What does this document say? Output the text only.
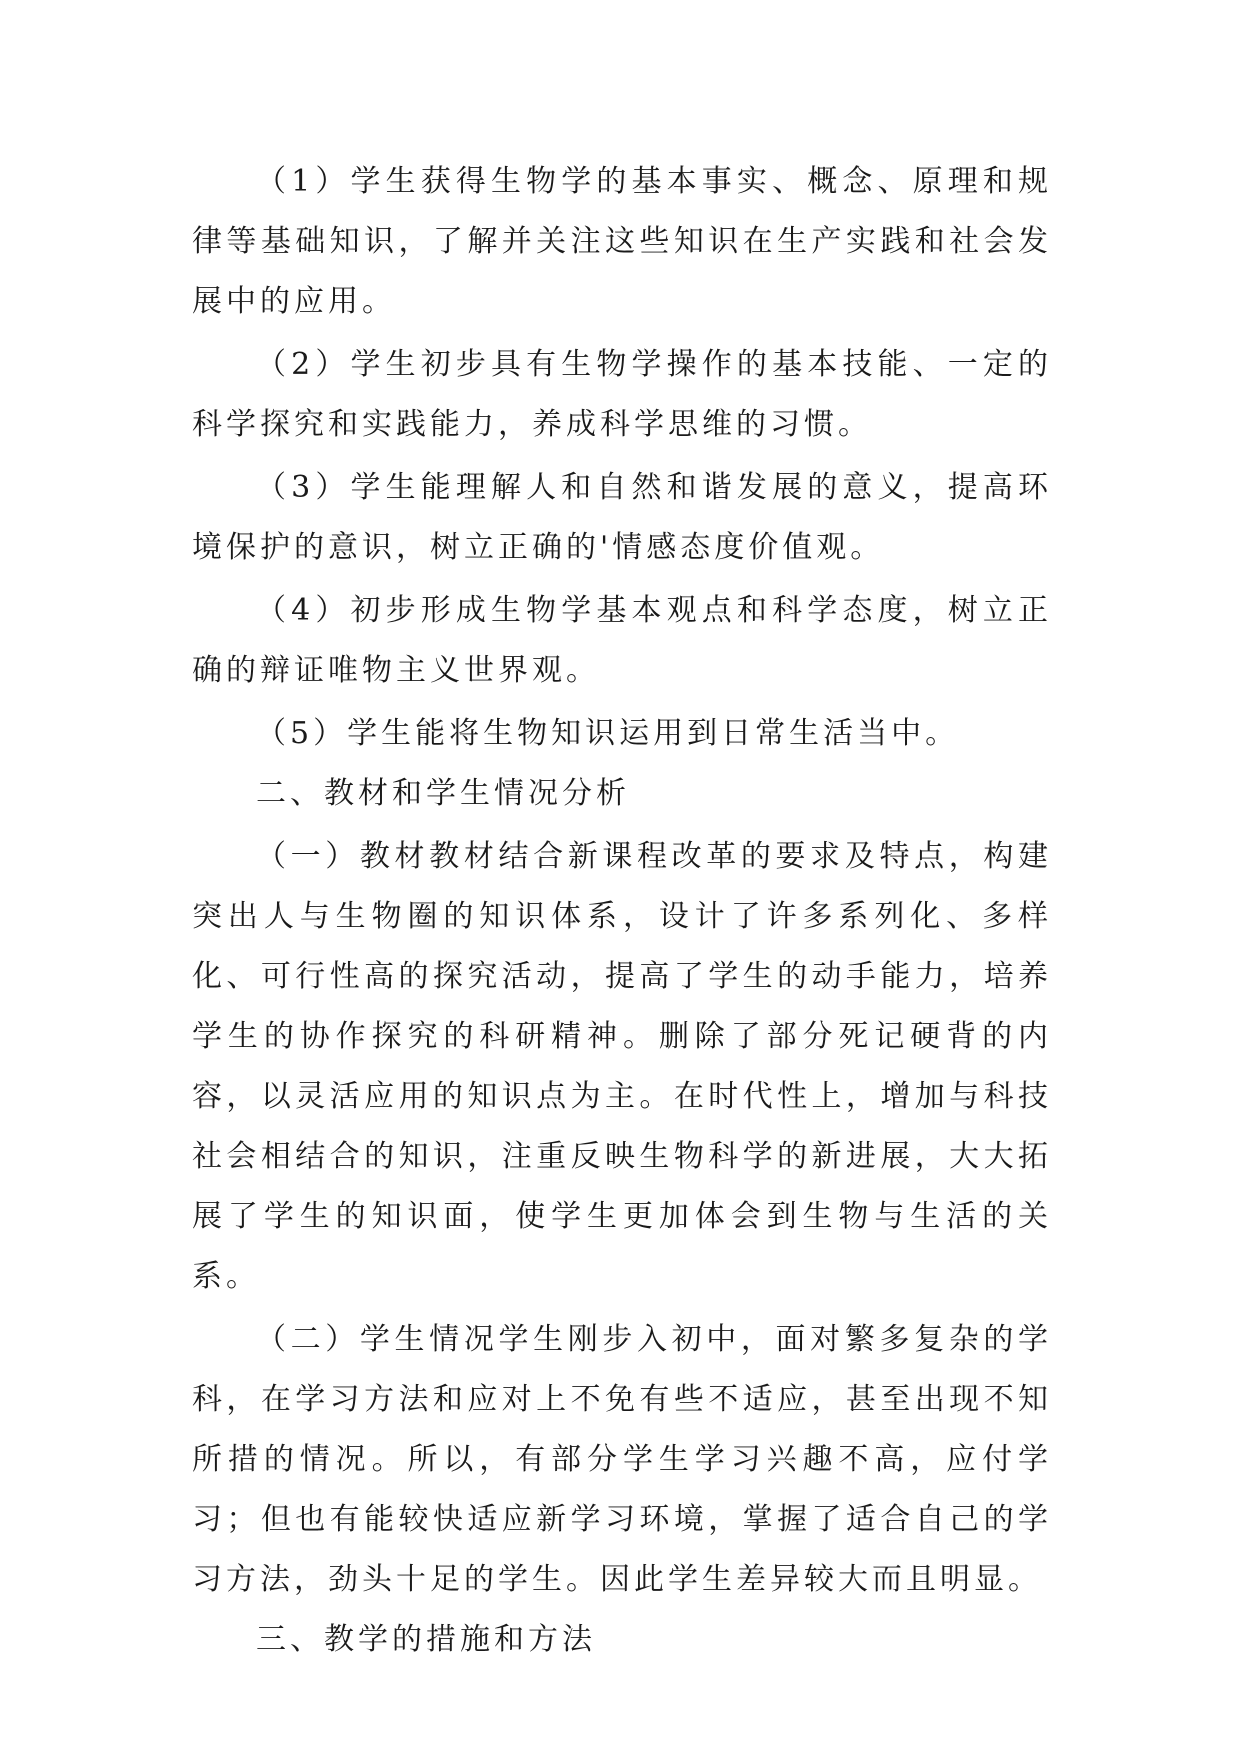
（1）学生获得生物学的基本事实、概念、原理和规律等基础知识，了解并关注这些知识在生产实践和社会发展中的应用。

（2）学生初步具有生物学操作的基本技能、一定的科学探究和实践能力，养成科学思维的习惯。

（3）学生能理解人和自然和谐发展的意义，提高环境保护的意识，树立正确的'情感态度价值观。

（4）初步形成生物学基本观点和科学态度，树立正确的辩证唯物主义世界观。

（5）学生能将生物知识运用到日常生活当中。

二、教材和学生情况分析

（一）教材教材结合新课程改革的要求及特点，构建突出人与生物圈的知识体系，设计了许多系列化、多样化、可行性高的探究活动，提高了学生的动手能力，培养学生的协作探究的科研精神。删除了部分死记硬背的内容，以灵活应用的知识点为主。在时代性上，增加与科技社会相结合的知识，注重反映生物科学的新进展，大大拓展了学生的知识面，使学生更加体会到生物与生活的关系。

（二）学生情况学生刚步入初中，面对繁多复杂的学科，在学习方法和应对上不免有些不适应，甚至出现不知所措的情况。所以，有部分学生学习兴趣不高，应付学习；但也有能较快适应新学习环境，掌握了适合自己的学习方法，劲头十足的学生。因此学生差异较大而且明显。

三、教学的措施和方法
